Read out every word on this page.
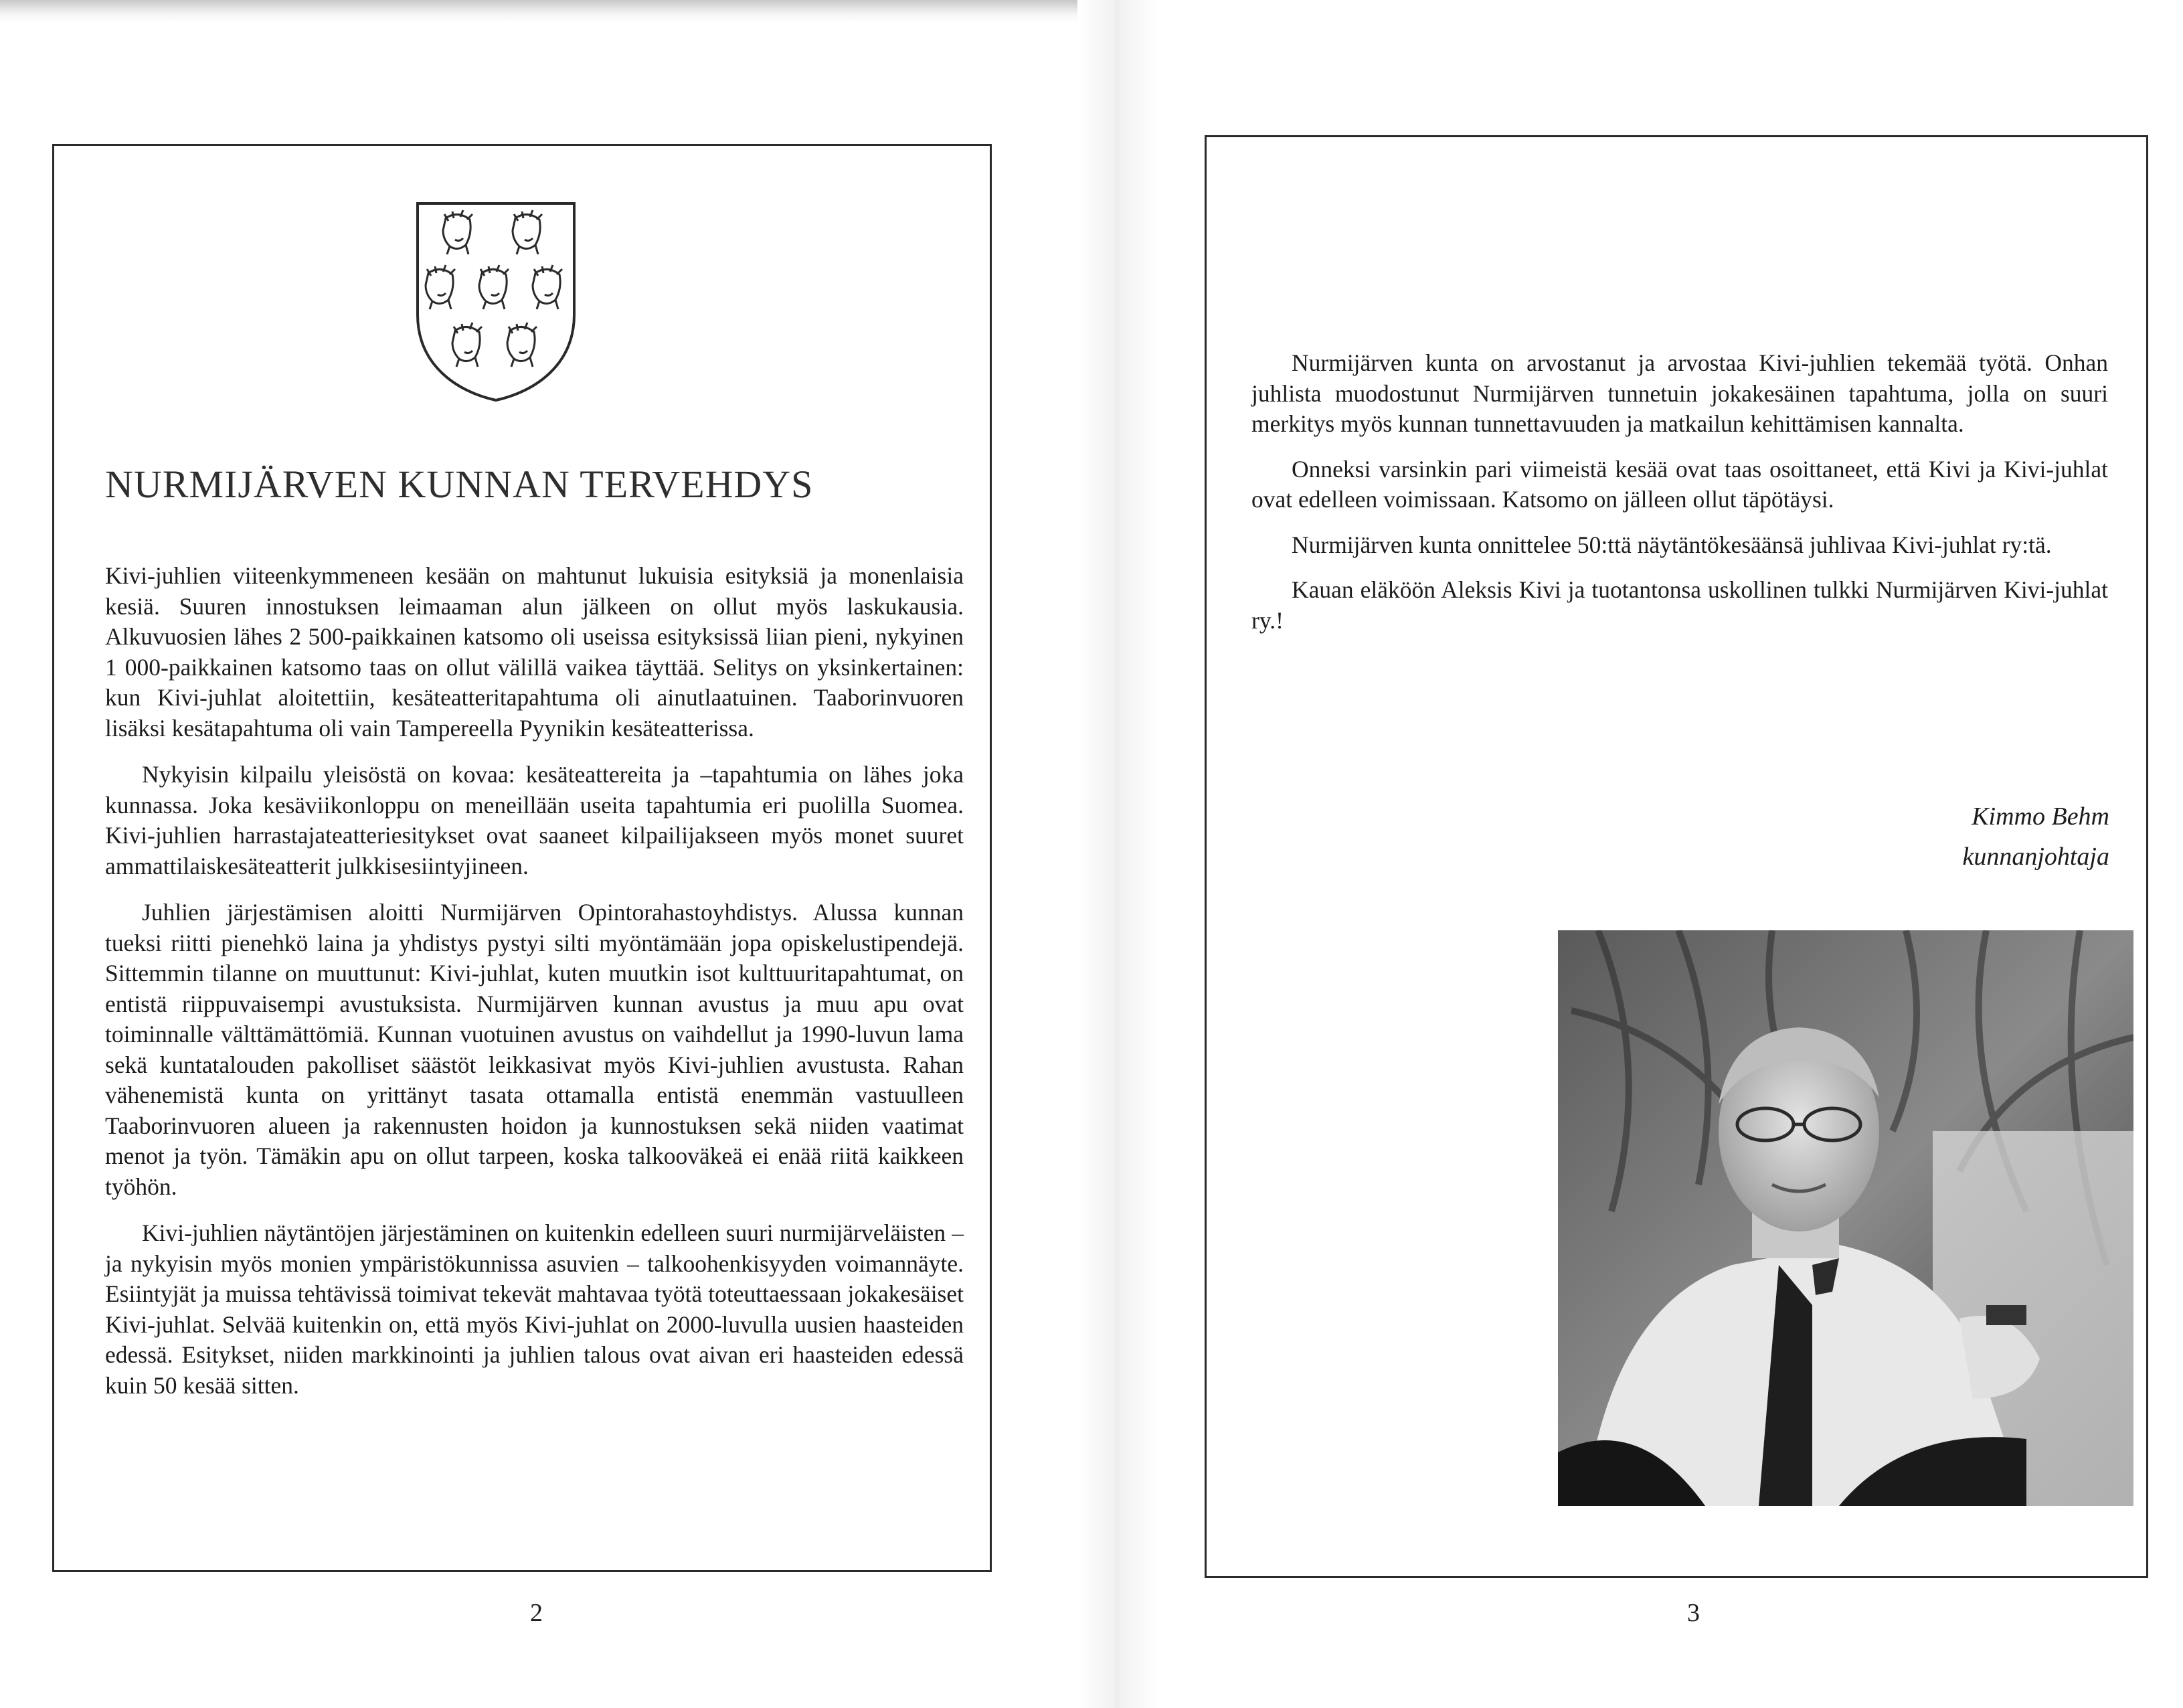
NURMIJÄRVEN KUNNAN TERVEHDYS

Kivi-juhlien viiteenkymmeneen kesään on mahtunut lukuisia esityksiä ja monenlaisia kesiä. Suuren innostuksen leimaaman alun jälkeen on ollut myös laskukausia. Alkuvuosien lähes 2 500-paikkainen katsomo oli useissa esityksissä liian pieni, nykyinen 1 000-paikkainen katsomo taas on ollut välillä vaikea täyttää. Selitys on yksinkertainen: kun Kivi-juhlat aloitettiin, kesäteatteritapahtuma oli ainutlaatuinen. Taaborinvuoren lisäksi kesätapahtuma oli vain Tampereella Pyynikin kesäteatterissa.

Nykyisin kilpailu yleisöstä on kovaa: kesäteattereita ja –tapahtumia on lähes joka kunnassa. Joka kesäviikonloppu on meneillään useita tapahtumia eri puolilla Suomea. Kivi-juhlien harrastajateatteriesitykset ovat saaneet kilpailijakseen myös monet suuret ammattilaiskesäteatterit julkkisesiintyjineen.

Juhlien järjestämisen aloitti Nurmijärven Opintorahastoyhdistys. Alussa kunnan tueksi riitti pienehkö laina ja yhdistys pystyi silti myöntämään jopa opiskelustipendejä. Sittemmin tilanne on muuttunut: Kivi-juhlat, kuten muutkin isot kulttuuritapahtumat, on entistä riippuvaisempi avustuksista. Nurmijärven kunnan avustus ja muu apu ovat toiminnalle välttämättömiä. Kunnan vuotuinen avustus on vaihdellut ja 1990-luvun lama sekä kuntatalouden pakolliset säästöt leikkasivat myös Kivi-juhlien avustusta. Rahan vähenemistä kunta on yrittänyt tasata ottamalla entistä enemmän vastuulleen Taaborinvuoren alueen ja rakennusten hoidon ja kunnostuksen sekä niiden vaatimat menot ja työn. Tämäkin apu on ollut tarpeen, koska talkooväkeä ei enää riitä kaikkeen työhön.

Kivi-juhlien näytäntöjen järjestäminen on kuitenkin edelleen suuri nurmijärveläisten – ja nykyisin myös monien ympäristökunnissa asuvien – talkoohenkisyyden voimannäyte. Esiintyjät ja muissa tehtävissä toimivat tekevät mahtavaa työtä toteuttaessaan jokakesäiset Kivi-juhlat. Selvää kuitenkin on, että myös Kivi-juhlat on 2000-luvulla uusien haasteiden edessä. Esitykset, niiden markkinointi ja juhlien talous ovat aivan eri haasteiden edessä kuin 50 kesää sitten.

2

Nurmijärven kunta on arvostanut ja arvostaa Kivi-juhlien tekemää työtä. Onhan juhlista muodostunut Nurmijärven tunnetuin jokakesäinen tapahtuma, jolla on suuri merkitys myös kunnan tunnettavuuden ja matkailun kehittämisen kannalta.

Onneksi varsinkin pari viimeistä kesää ovat taas osoittaneet, että Kivi ja Kivi-juhlat ovat edelleen voimissaan. Katsomo on jälleen ollut täpötäysi.

Nurmijärven kunta onnittelee 50:ttä näytäntökesäänsä juhlivaa Kivi-juhlat ry:tä.

Kauan eläköön Aleksis Kivi ja tuotantonsa uskollinen tulkki Nurmijärven Kivi-juhlat ry.!

Kimmo Behm
kunnanjohtaja
3
